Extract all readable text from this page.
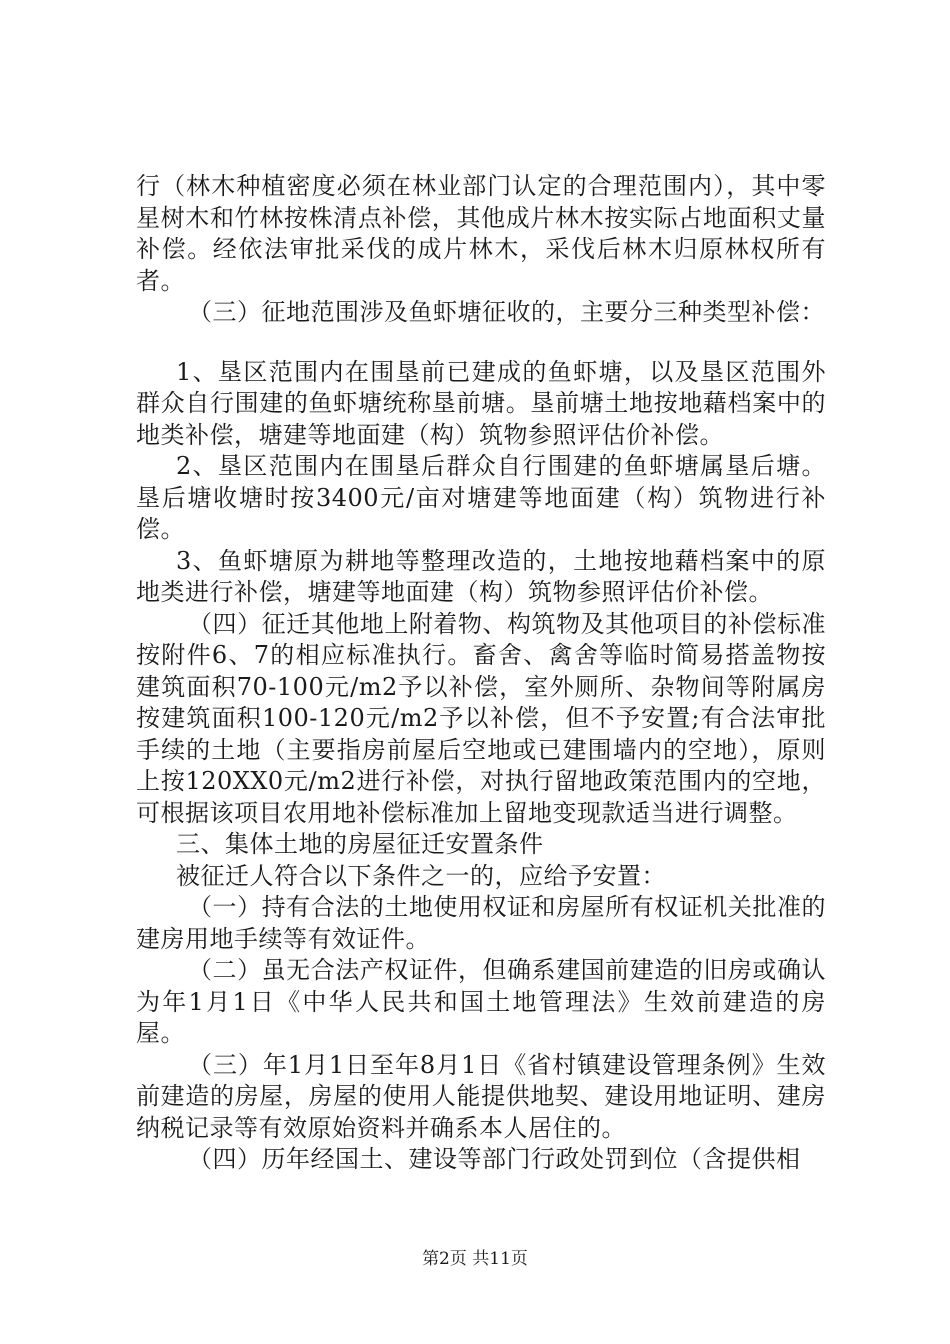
行（林木种植密度必须在林业部门认定的合理范围内），其中零星树木和竹林按株清点补偿，其他成片林木按实际占地面积丈量补偿。经依法审批采伐的成片林木，采伐后林木归原林权所有者。

（三）征地范围涉及鱼虾塘征收的，主要分三种类型补偿：

1、垦区范围内在围垦前已建成的鱼虾塘，以及垦区范围外群众自行围建的鱼虾塘统称垦前塘。垦前塘土地按地藉档案中的地类补偿，塘建等地面建（构）筑物参照评估价补偿。

2、垦区范围内在围垦后群众自行围建的鱼虾塘属垦后塘。垦后塘收塘时按3400元/亩对塘建等地面建（构）筑物进行补偿。

3、鱼虾塘原为耕地等整理改造的，土地按地藉档案中的原地类进行补偿，塘建等地面建（构）筑物参照评估价补偿。

（四）征迁其他地上附着物、构筑物及其他项目的补偿标准按附件6、7的相应标准执行。畜舍、禽舍等临时简易搭盖物按建筑面积70-100元/m2予以补偿，室外厕所、杂物间等附属房按建筑面积100-120元/m2予以补偿，但不予安置;有合法审批手续的土地（主要指房前屋后空地或已建围墙内的空地），原则上按120XX0元/m2进行补偿，对执行留地政策范围内的空地，可根据该项目农用地补偿标准加上留地变现款适当进行调整。

三、集体土地的房屋征迁安置条件

被征迁人符合以下条件之一的，应给予安置：

（一）持有合法的土地使用权证和房屋所有权证机关批准的建房用地手续等有效证件。

（二）虽无合法产权证件，但确系建国前建造的旧房或确认为年1月1日《中华人民共和国土地管理法》生效前建造的房屋。

（三）年1月1日至年8月1日《省村镇建设管理条例》生效前建造的房屋，房屋的使用人能提供地契、建设用地证明、建房纳税记录等有效原始资料并确系本人居住的。

（四）历年经国土、建设等部门行政处罚到位（含提供相

第2页 共11页
